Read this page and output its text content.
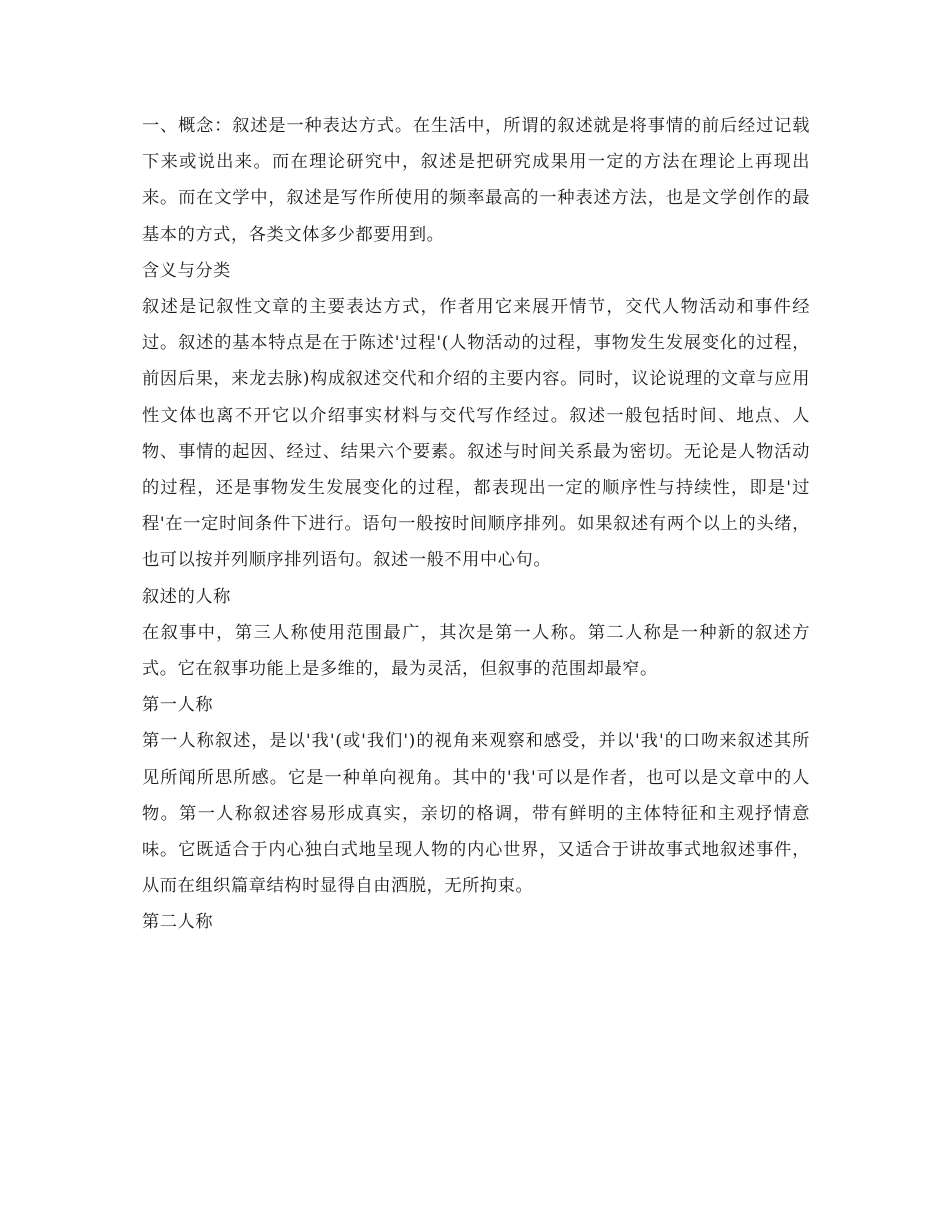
一、概念：叙述是一种表达方式。在生活中，所谓的叙述就是将事情的前后经过记载下来或说出来。而在理论研究中，叙述是把研究成果用一定的方法在理论上再现出来。而在文学中，叙述是写作所使用的频率最高的一种表述方法，也是文学创作的最基本的方式，各类文体多少都要用到。

含义与分类

叙述是记叙性文章的主要表达方式，作者用它来展开情节，交代人物活动和事件经过。叙述的基本特点是在于陈述'过程'(人物活动的过程，事物发生发展变化的过程，前因后果，来龙去脉)构成叙述交代和介绍的主要内容。同时，议论说理的文章与应用性文体也离不开它以介绍事实材料与交代写作经过。叙述一般包括时间、地点、人物、事情的起因、经过、结果六个要素。叙述与时间关系最为密切。无论是人物活动的过程，还是事物发生发展变化的过程，都表现出一定的顺序性与持续性，即是'过程'在一定时间条件下进行。语句一般按时间顺序排列。如果叙述有两个以上的头绪，也可以按并列顺序排列语句。叙述一般不用中心句。

叙述的人称

在叙事中，第三人称使用范围最广，其次是第一人称。第二人称是一种新的叙述方式。它在叙事功能上是多维的，最为灵活，但叙事的范围却最窄。

第一人称

第一人称叙述，是以'我'(或'我们')的视角来观察和感受，并以'我'的口吻来叙述其所见所闻所思所感。它是一种单向视角。其中的'我'可以是作者，也可以是文章中的人物。第一人称叙述容易形成真实，亲切的格调，带有鲜明的主体特征和主观抒情意味。它既适合于内心独白式地呈现人物的内心世界，又适合于讲故事式地叙述事件，从而在组织篇章结构时显得自由洒脱，无所拘束。

第二人称
